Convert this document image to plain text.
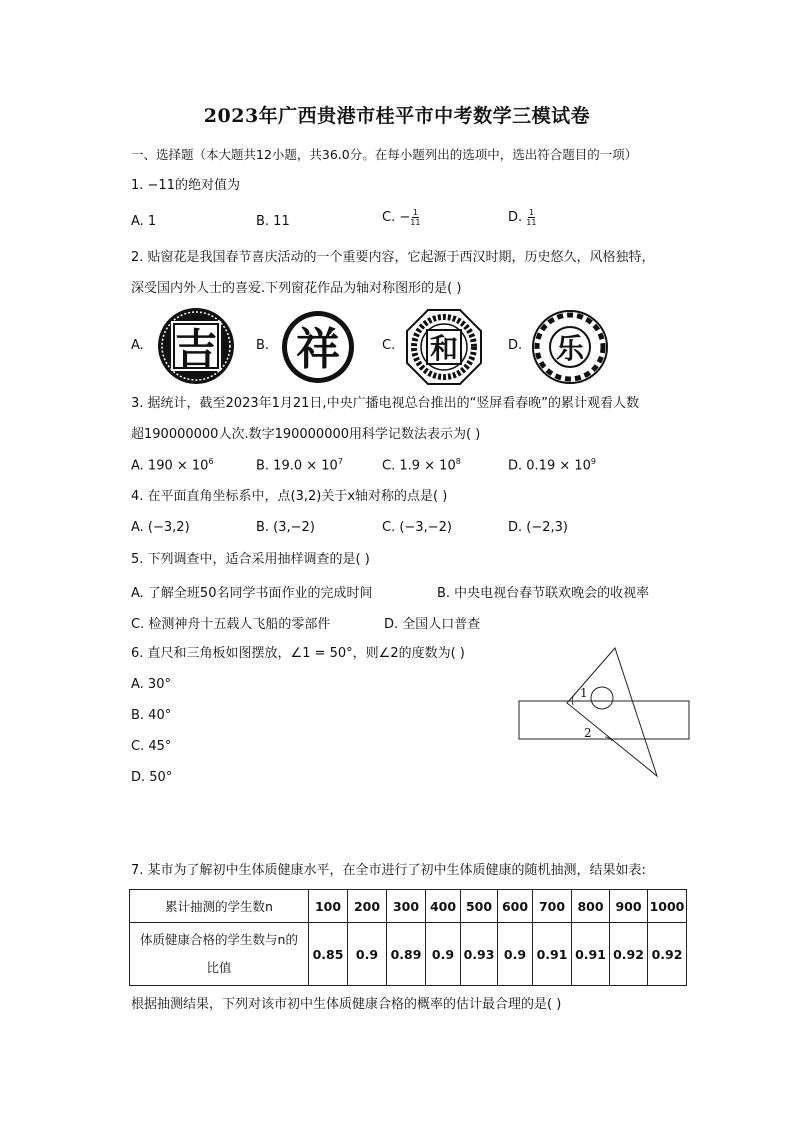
2023年广西贵港市桂平市中考数学三模试卷
一、选择题（本大题共12小题，共36.0分。在每小题列出的选项中，选出符合题目的一项）
1. −11的绝对值为
A. 1	B. 11	C. − $\frac{1}{11}$	D. $\frac{1}{11}$
2. 贴窗花是我国春节喜庆活动的一个重要内容，它起源于西汉时期，历史悠久，风格独特，
深受国内外人士的喜爱.下列窗花作品为轴对称图形的是( )
A.	B.	C.	D.
吉 祥	和	乐
3. 据统计，截至2023年1月21日,中央广播电视总台推出的“竖屏看春晚”的累计观看人数
超190000000人次.数字190000000用科学记数法表示为( )
A. $190 \times 10^6$	B. $19.0 \times 10^7$	C. $1.9 \times 10^8$	D. $0.19 \times 10^9$
4. 在平面直角坐标系中，点(3,2)关于x轴对称的点是( )
A. (−3,2)	B. (3,−2)	C. (−3,−2)	D. (−2,3)
5. 下列调查中，适合采用抽样调查的是( )
A. 了解全班50名同学书面作业的完成时间	B. 中央电视台春节联欢晚会的收视率
C. 检测神舟十五载人飞船的零部件	D. 全国人口普查
6. 直尺和三角板如图摆放，∠1 = 50°，则∠2的度数为( )
A. 30°
B. 40°
C. 45°
D. 50°
1
2
7. 某市为了解初中生体质健康水平，在全市进行了初中生体质健康的随机抽测，结果如表:
累计抽测的学生数n	100	200	300	400	500	600	700	800	900	1000

体质健康合格的学生数与n的
比值	0.85	0.9	0.89	0.9	0.93	0.9	0.91	0.91	0.92	0.92
根据抽测结果，下列对该市初中生体质健康合格的概率的估计最合理的是( )
